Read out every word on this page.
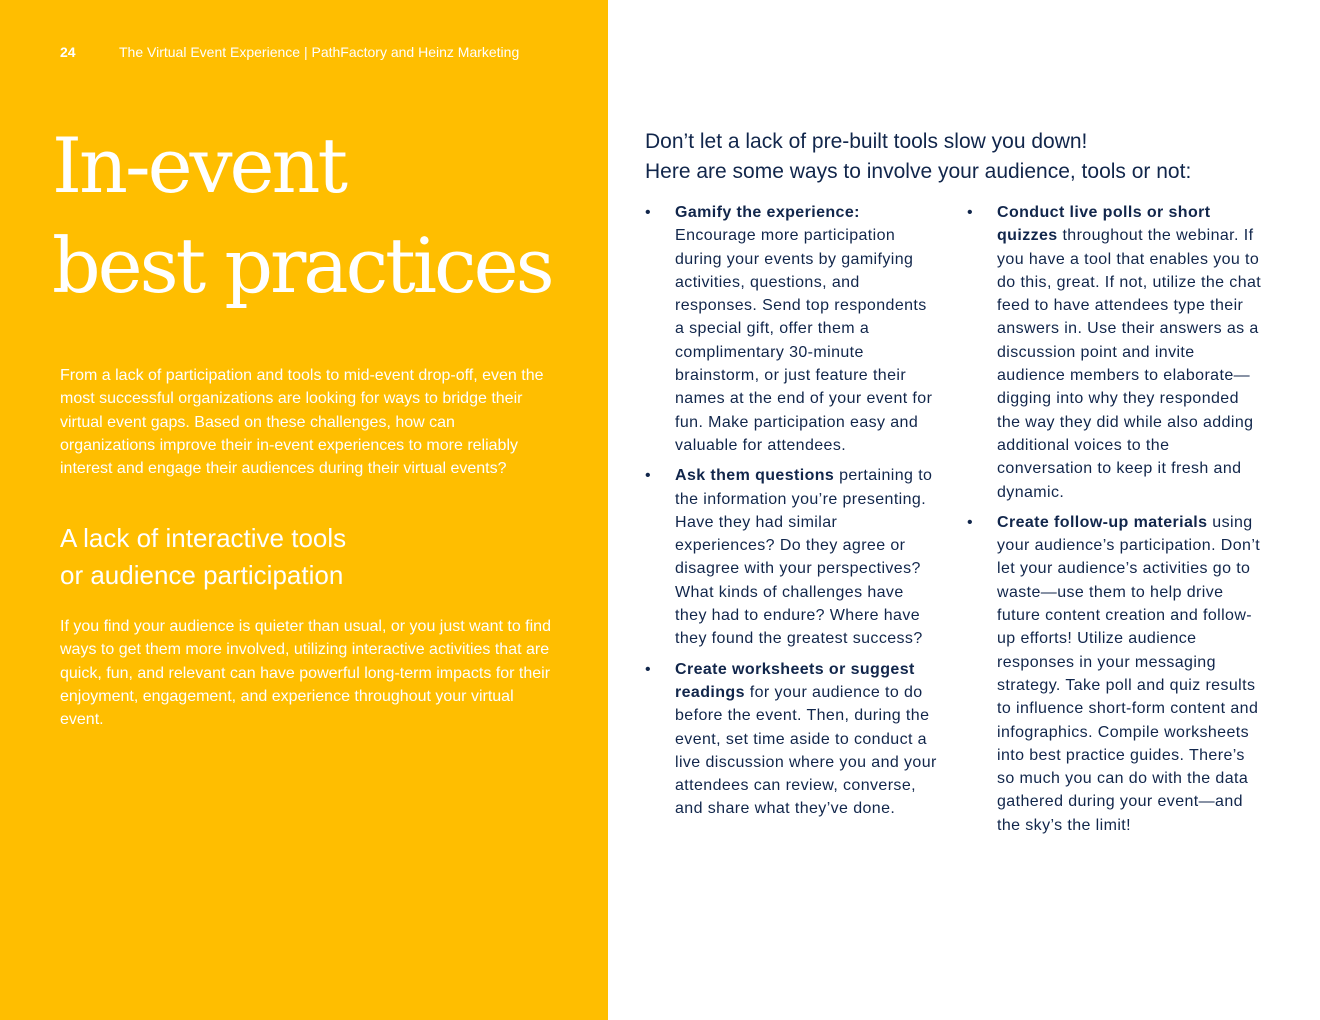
24	The Virtual Event Experience | PathFactory and Heinz Marketing
In-event
best practices

From a lack of participation and tools to mid-event drop-off, even the most successful organizations are looking for ways to bridge their virtual event gaps. Based on these challenges, how can organizations improve their in-event experiences to more reliably interest and engage their audiences during their virtual events?

A lack of interactive tools
or audience participation

If you find your audience is quieter than usual, or you just want to find ways to get them more involved, utilizing interactive activities that are quick, fun, and relevant can have powerful long-term impacts for their enjoyment, engagement, and experience throughout your virtual event.

Don’t let a lack of pre-built tools slow you down!
Here are some ways to involve your audience, tools or not:
•	Gamify the experience: Encourage more participation during your events by gamifying activities, questions, and responses. Send top respondents a special gift, offer them a complimentary 30-minute brainstorm, or just feature their names at the end of your event for fun. Make participation easy and valuable for attendees.
•	Ask them questions pertaining to the information you’re presenting. Have they had similar experiences? Do they agree or disagree with your perspectives? What kinds of challenges have they had to endure? Where have they found the greatest success?
•	Create worksheets or suggest readings for your audience to do before the event. Then, during the event, set time aside to conduct a live discussion where you and your attendees can review, converse, and share what they’ve done.
•	Conduct live polls or short quizzes throughout the webinar. If you have a tool that enables you to do this, great. If not, utilize the chat feed to have attendees type their answers in. Use their answers as a discussion point and invite audience members to elaborate—digging into why they responded the way they did while also adding additional voices to the conversation to keep it fresh and dynamic.
•	Create follow-up materials using your audience’s participation. Don’t let your audience’s activities go to waste—use them to help drive future content creation and follow-up efforts! Utilize audience responses in your messaging strategy. Take poll and quiz results to influence short-form content and infographics. Compile worksheets into best practice guides. There’s so much you can do with the data gathered during your event—and the sky’s the limit!
